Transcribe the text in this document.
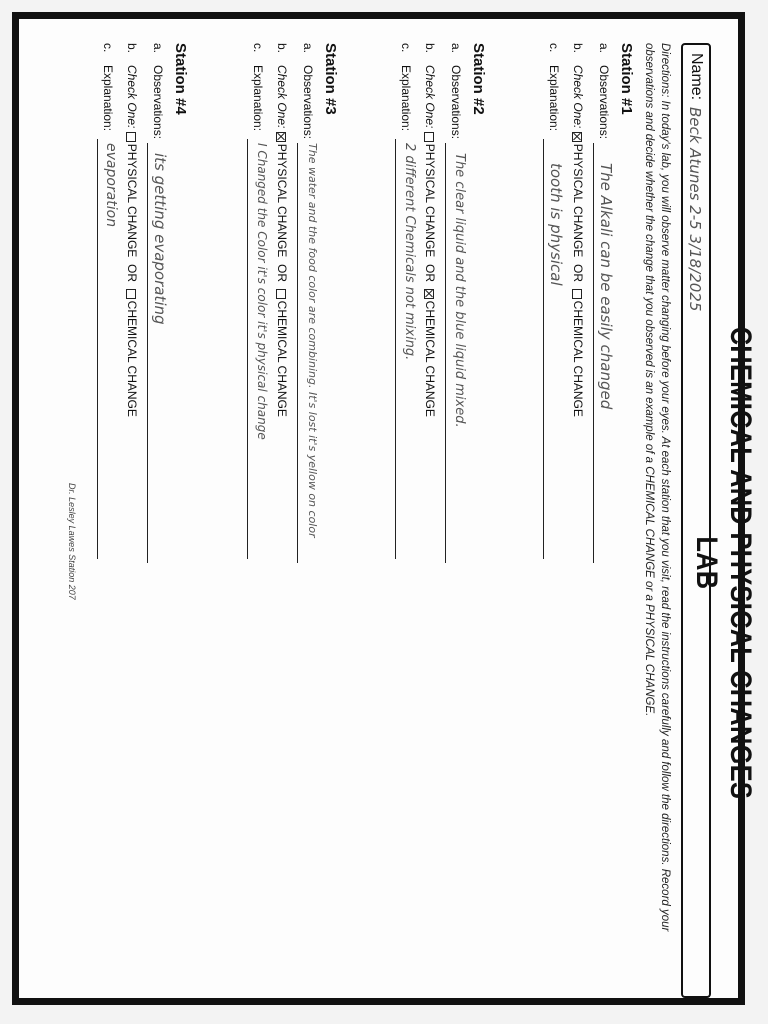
CHEMICAL AND PHYSICAL CHANGES LAB
Name:
Beck Atunes 2-5 3/18/2025
Directions: In today's lab, you will observe matter changing before your eyes. At each station that you visit, read the instructions carefully and follow the directions. Record your observations and decide whether the change that you observed is an example of a CHEMICAL CHANGE or a PHYSICAL CHANGE.
Station #1
a.
Observations:
The Alkali can be easily changed
b.
Check One: PHYSICAL CHANGE  OR  CHEMICAL CHANGE
c.
Explanation:
tooth is physical
Station #2
a.
Observations:
The clear liquid and the blue liquid mixed.
b.
Check One: PHYSICAL CHANGE  OR  CHEMICAL CHANGE
c.
Explanation:
2 different Chemicals not mixing.
Station #3
a.
Observations:
The water and the food color are combining. It's lost it's yellow on color
b.
Check One: PHYSICAL CHANGE  OR  CHEMICAL CHANGE
c.
Explanation:
I Changed the Color it's color it's physical change
Station #4
a.
Observations:
its getting evaporating
b.
Check One: PHYSICAL CHANGE  OR  CHEMICAL CHANGE
c.
Explanation:
evaporation
Dr. Lesley Lawes Station 207
